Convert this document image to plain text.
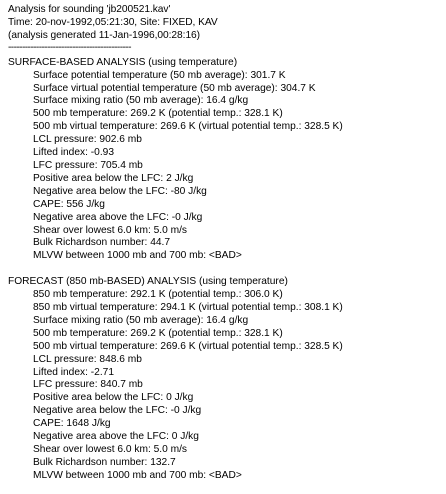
Analysis for sounding 'jb200521.kav'
Time: 20-nov-1992,05:21:30, Site: FIXED, KAV
(analysis generated 11-Jan-1996,00:28:16)
--------------------------------------------
SURFACE-BASED ANALYSIS (using temperature)
Surface potential temperature (50 mb average): 301.7 K
Surface virtual potential temperature (50 mb average): 304.7 K
Surface mixing ratio (50 mb average): 16.4 g/kg
500 mb temperature: 269.2 K (potential temp.: 328.1 K)
500 mb virtual temperature: 269.6 K (virtual potential temp.: 328.5 K)
LCL pressure: 902.6 mb
Lifted index: -0.93
LFC pressure: 705.4 mb
Positive area below the LFC: 2 J/kg
Negative area below the LFC: -80 J/kg
CAPE: 556 J/kg
Negative area above the LFC: -0 J/kg
Shear over lowest 6.0 km: 5.0 m/s
Bulk Richardson number: 44.7
MLVW between 1000 mb and 700 mb: <BAD>
FORECAST (850 mb-BASED) ANALYSIS (using temperature)
850 mb temperature: 292.1 K (potential temp.: 306.0 K)
850 mb virtual temperature: 294.1 K (virtual potential temp.: 308.1 K)
Surface mixing ratio (50 mb average): 16.4 g/kg
500 mb temperature: 269.2 K (potential temp.: 328.1 K)
500 mb virtual temperature: 269.6 K (virtual potential temp.: 328.5 K)
LCL pressure: 848.6 mb
Lifted index: -2.71
LFC pressure: 840.7 mb
Positive area below the LFC: 0 J/kg
Negative area below the LFC: -0 J/kg
CAPE: 1648 J/kg
Negative area above the LFC: 0 J/kg
Shear over lowest 6.0 km: 5.0 m/s
Bulk Richardson number: 132.7
MLVW between 1000 mb and 700 mb: <BAD>
